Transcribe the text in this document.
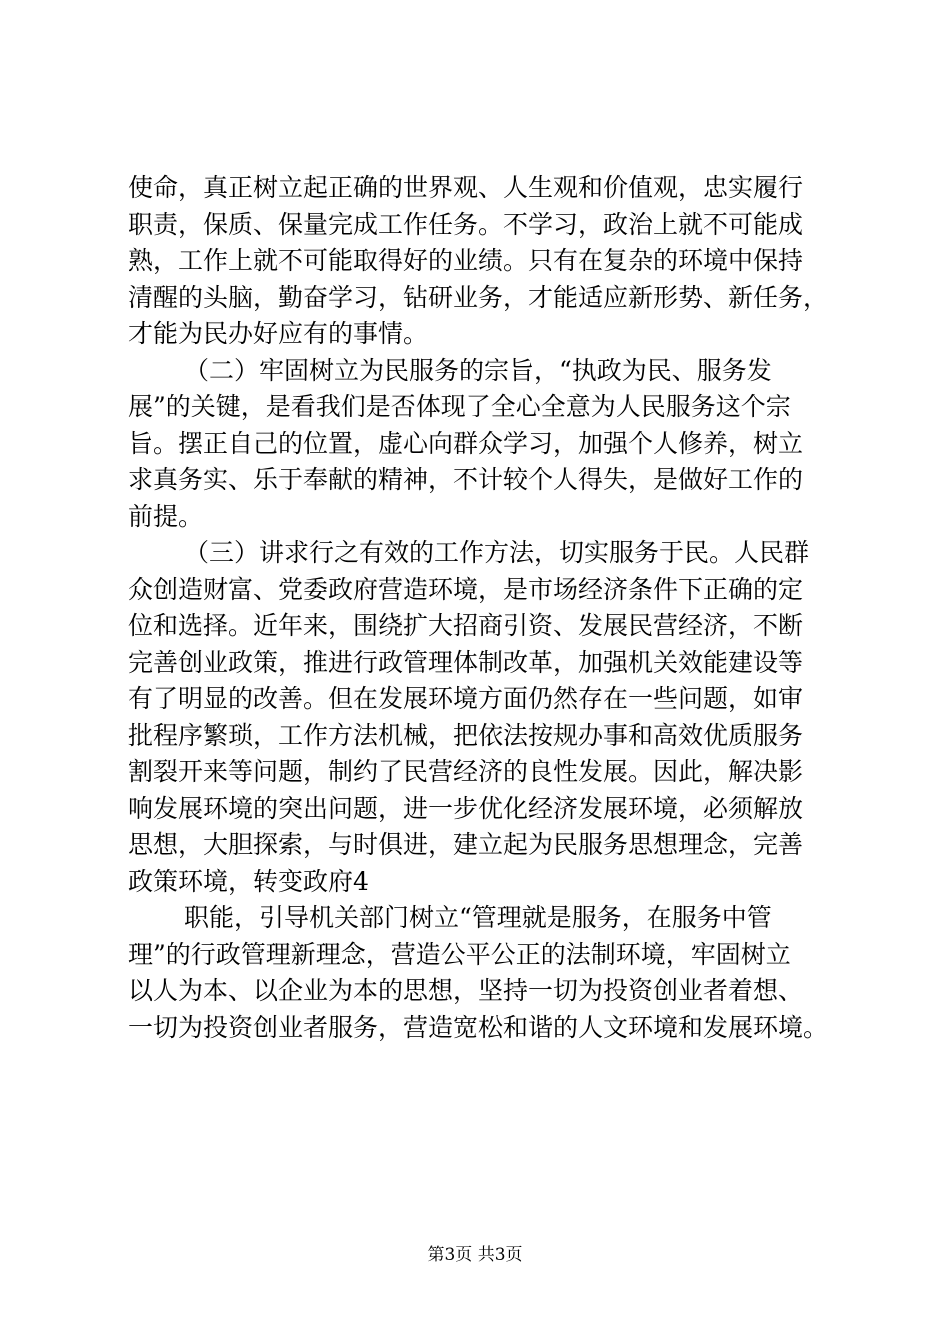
使命，真正树立起正确的世界观、人生观和价值观，忠实履行
职责，保质、保量完成工作任务。不学习，政治上就不可能成
熟，工作上就不可能取得好的业绩。只有在复杂的环境中保持
清醒的头脑，勤奋学习，钻研业务，才能适应新形势、新任务，
才能为民办好应有的事情。
（二）牢固树立为民服务的宗旨，“执政为民、服务发
展”的关键，是看我们是否体现了全心全意为人民服务这个宗
旨。摆正自己的位置，虚心向群众学习，加强个人修养，树立
求真务实、乐于奉献的精神，不计较个人得失，是做好工作的
前提。
（三）讲求行之有效的工作方法，切实服务于民。人民群
众创造财富、党委政府营造环境，是市场经济条件下正确的定
位和选择。近年来，围绕扩大招商引资、发展民营经济，不断
完善创业政策，推进行政管理体制改革，加强机关效能建设等
有了明显的改善。但在发展环境方面仍然存在一些问题，如审
批程序繁琐，工作方法机械，把依法按规办事和高效优质服务
割裂开来等问题，制约了民营经济的良性发展。因此，解决影
响发展环境的突出问题，进一步优化经济发展环境，必须解放
思想，大胆探索，与时俱进，建立起为民服务思想理念，完善
政策环境，转变政府4
职能，引导机关部门树立“管理就是服务，在服务中管
理”的行政管理新理念，营造公平公正的法制环境，牢固树立
以人为本、以企业为本的思想，坚持一切为投资创业者着想、
一切为投资创业者服务，营造宽松和谐的人文环境和发展环境。
第3页 共3页
